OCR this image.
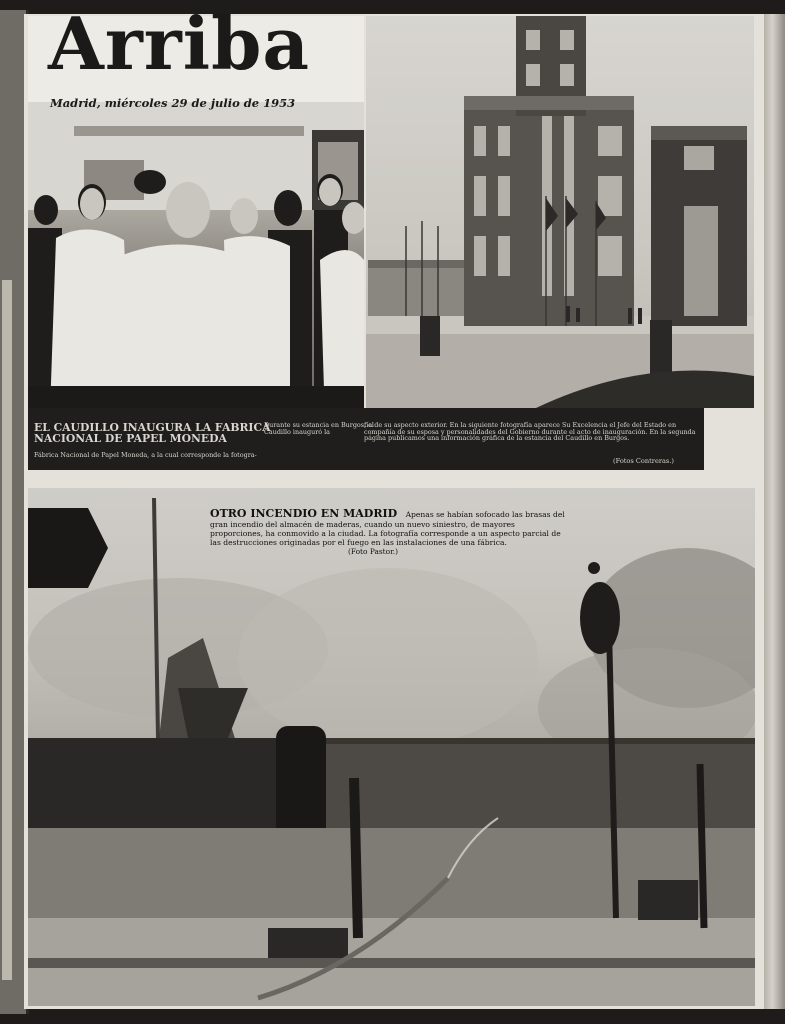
Arriba
Madrid, miércoles 29 de julio de 1953
EL CAUDILLO INAUGURA LA FABRICA NACIONAL DE PAPEL MONEDA
Durante su estancia en Burgos, el Caudillo inauguró la
Fábrica Nacional de Papel Moneda, a la cual corresponde la fotogra-
fía de su aspecto exterior. En la siguiente fotografía aparece Su Excelencia el Jefe del Estado en compañía de su esposa y personalidades del Gobierno durante el acto de inauguración. En la segunda página publicamos una información gráfica de la estancia del Caudillo en Burgos.
(Fotos Contreras.)
OTRO INCENDIO EN MADRID Apenas se habían sofocado las brasas del gran incendio del almacén de maderas, cuando un nuevo siniestro, de mayores proporciones, ha conmovido a la ciudad. La fotografía corresponde a un aspecto parcial de las destrucciones originadas por el fuego en las instalaciones de una fábrica.
(Foto Pastor.)
